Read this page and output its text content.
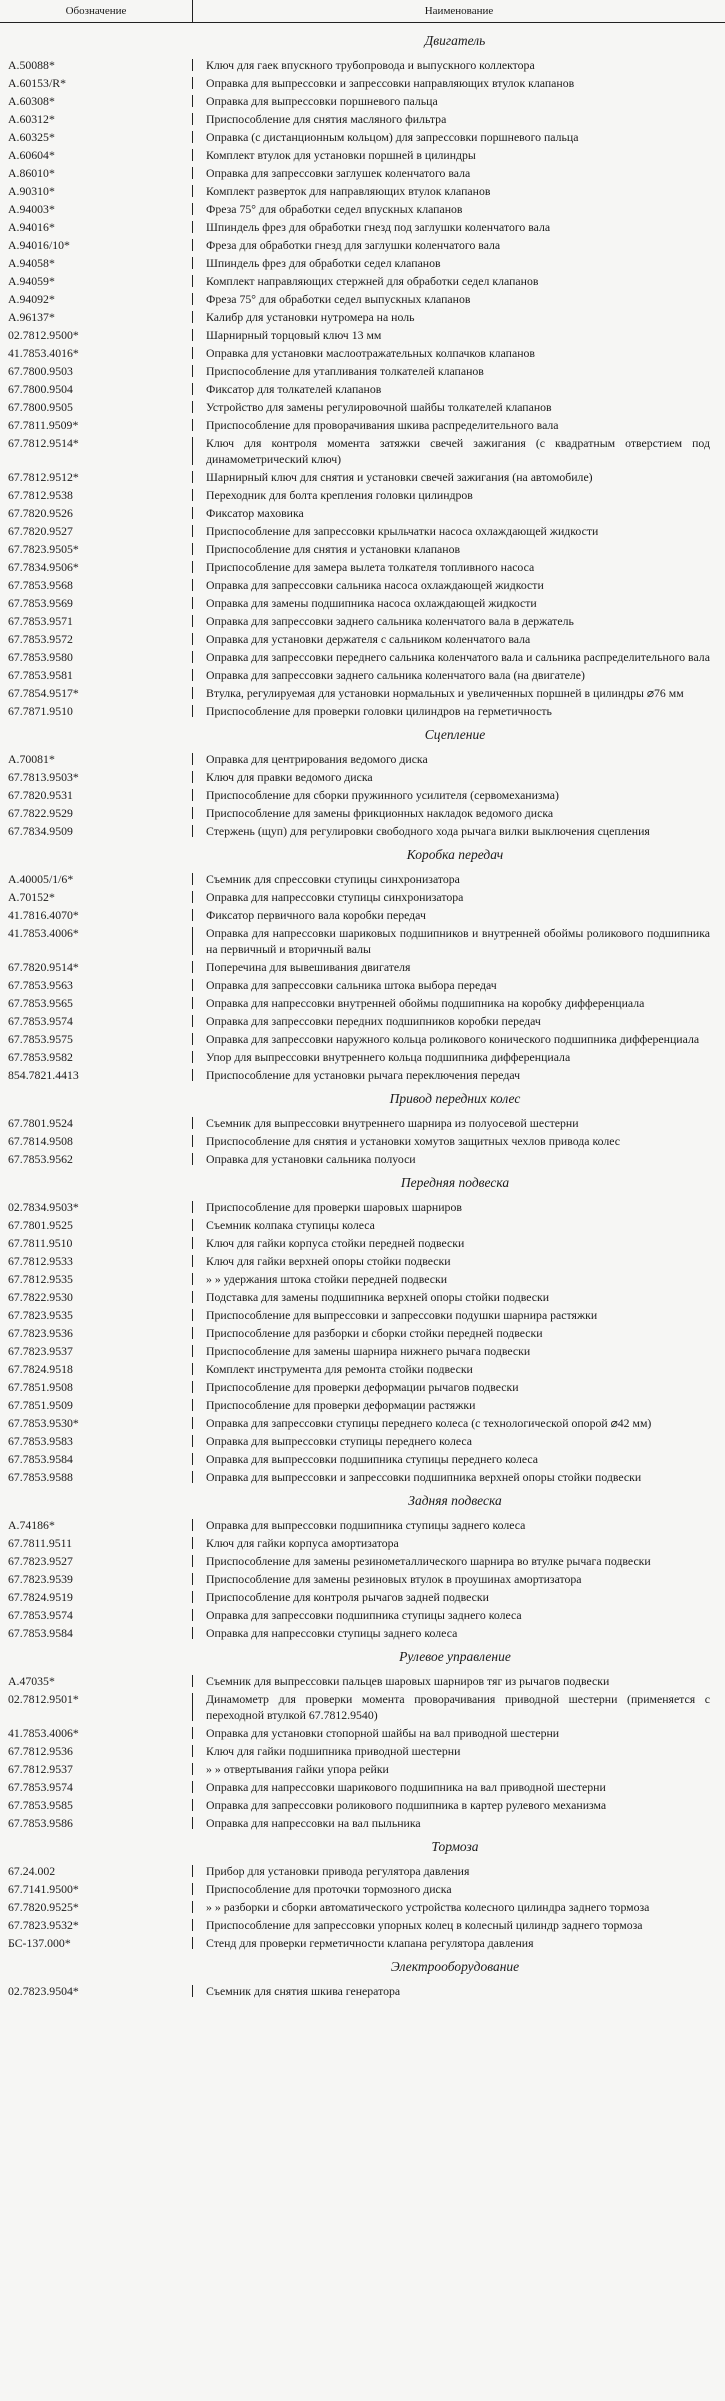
Обозначение	Наименование
Двигатель
А.50088*	Ключ для гаек впускного трубопровода и выпускного коллектора
А.60153/R*	Оправка для выпрессовки и запрессовки направляющих втулок клапанов
А.60308*	Оправка для выпрессовки поршневого пальца
А.60312*	Приспособление для снятия масляного фильтра
А.60325*	Оправка (с дистанционным кольцом) для запрессовки поршневого пальца
А.60604*	Комплект втулок для установки поршней в цилиндры
А.86010*	Оправка для запрессовки заглушек коленчатого вала
А.90310*	Комплект разверток для направляющих втулок клапанов
А.94003*	Фреза 75° для обработки седел впускных клапанов
А.94016*	Шпиндель фрез для обработки гнезд под заглушки коленчатого вала
А.94016/10*	Фреза для обработки гнезд для заглушки коленчатого вала
А.94058*	Шпиндель фрез для обработки седел клапанов
А.94059*	Комплект направляющих стержней для обработки седел клапанов
А.94092*	Фреза 75° для обработки седел выпускных клапанов
А.96137*	Калибр для установки нутромера на ноль
02.7812.9500*	Шарнирный торцовый ключ 13 мм
41.7853.4016*	Оправка для установки маслоотражательных колпачков клапанов
67.7800.9503	Приспособление для утапливания толкателей клапанов
67.7800.9504	Фиксатор для толкателей клапанов
67.7800.9505	Устройство для замены регулировочной шайбы толкателей клапанов
67.7811.9509*	Приспособление для проворачивания шкива распределительного вала
67.7812.9514*	Ключ для контроля момента затяжки свечей зажигания (с квадратным отверстием под динамометрический ключ)
67.7812.9512*	Шарнирный ключ для снятия и установки свечей зажигания (на автомобиле)
67.7812.9538	Переходник для болта крепления головки цилиндров
67.7820.9526	Фиксатор маховика
67.7820.9527	Приспособление для запрессовки крыльчатки насоса охлаждающей жидкости
67.7823.9505*	Приспособление для снятия и установки клапанов
67.7834.9506*	Приспособление для замера вылета толкателя топливного насоса
67.7853.9568	Оправка для запрессовки сальника насоса охлаждающей жидкости
67.7853.9569	Оправка для замены подшипника насоса охлаждающей жидкости
67.7853.9571	Оправка для запрессовки заднего сальника коленчатого вала в держатель
67.7853.9572	Оправка для установки держателя с сальником коленчатого вала
67.7853.9580	Оправка для запрессовки переднего сальника коленчатого вала и сальника распределительного вала
67.7853.9581	Оправка для запрессовки заднего сальника коленчатого вала (на двигателе)
67.7854.9517*	Втулка, регулируемая для установки нормальных и увеличенных поршней в цилиндры ⌀76 мм
67.7871.9510	Приспособление для проверки головки цилиндров на герметичность
Сцепление
А.70081*	Оправка для центрирования ведомого диска
67.7813.9503*	Ключ для правки ведомого диска
67.7820.9531	Приспособление для сборки пружинного усилителя (сервомеханизма)
67.7822.9529	Приспособление для замены фрикционных накладок ведомого диска
67.7834.9509	Стержень (щуп) для регулировки свободного хода рычага вилки выключения сцепления
Коробка передач
А.40005/1/6*	Съемник для спрессовки ступицы синхронизатора
А.70152*	Оправка для напрессовки ступицы синхронизатора
41.7816.4070*	Фиксатор первичного вала коробки передач
41.7853.4006*	Оправка для напрессовки шариковых подшипников и внутренней обоймы роликового подшипника на первичный и вторичный валы
67.7820.9514*	Поперечина для вывешивания двигателя
67.7853.9563	Оправка для запрессовки сальника штока выбора передач
67.7853.9565	Оправка для напрессовки внутренней обоймы подшипника на коробку дифференциала
67.7853.9574	Оправка для запрессовки передних подшипников коробки передач
67.7853.9575	Оправка для запрессовки наружного кольца роликового конического подшипника дифференциала
67.7853.9582	Упор для выпрессовки внутреннего кольца подшипника дифференциала
854.7821.4413	Приспособление для установки рычага переключения передач
Привод передних колес
67.7801.9524	Съемник для выпрессовки внутреннего шарнира из полуосевой шестерни
67.7814.9508	Приспособление для снятия и установки хомутов защитных чехлов привода колес
67.7853.9562	Оправка для установки сальника полуоси
Передняя подвеска
02.7834.9503*	Приспособление для проверки шаровых шарниров
67.7801.9525	Съемник колпака ступицы колеса
67.7811.9510	Ключ для гайки корпуса стойки передней подвески
67.7812.9533	Ключ для гайки верхней опоры стойки подвески
67.7812.9535	» » удержания штока стойки передней подвески
67.7822.9530	Подставка для замены подшипника верхней опоры стойки подвески
67.7823.9535	Приспособление для выпрессовки и запрессовки подушки шарнира растяжки
67.7823.9536	Приспособление для разборки и сборки стойки передней подвески
67.7823.9537	Приспособление для замены шарнира нижнего рычага подвески
67.7824.9518	Комплект инструмента для ремонта стойки подвески
67.7851.9508	Приспособление для проверки деформации рычагов подвески
67.7851.9509	Приспособление для проверки деформации растяжки
67.7853.9530*	Оправка для запрессовки ступицы переднего колеса (с технологической опорой ⌀42 мм)
67.7853.9583	Оправка для выпрессовки ступицы переднего колеса
67.7853.9584	Оправка для выпрессовки подшипника ступицы переднего колеса
67.7853.9588	Оправка для выпрессовки и запрессовки подшипника верхней опоры стойки подвески
Задняя подвеска
А.74186*	Оправка для выпрессовки подшипника ступицы заднего колеса
67.7811.9511	Ключ для гайки корпуса амортизатора
67.7823.9527	Приспособление для замены резинометаллического шарнира во втулке рычага подвески
67.7823.9539	Приспособление для замены резиновых втулок в проушинах амортизатора
67.7824.9519	Приспособление для контроля рычагов задней подвески
67.7853.9574	Оправка для запрессовки подшипника ступицы заднего колеса
67.7853.9584	Оправка для напрессовки ступицы заднего колеса
Рулевое управление
А.47035*	Съемник для выпрессовки пальцев шаровых шарниров тяг из рычагов подвески
02.7812.9501*	Динамометр для проверки момента проворачивания приводной шестерни (применяется с переходной втулкой 67.7812.9540)
41.7853.4006*	Оправка для установки стопорной шайбы на вал приводной шестерни
67.7812.9536	Ключ для гайки подшипника приводной шестерни
67.7812.9537	» » отвертывания гайки упора рейки
67.7853.9574	Оправка для напрессовки шарикового подшипника на вал приводной шестерни
67.7853.9585	Оправка для запрессовки роликового подшипника в картер рулевого механизма
67.7853.9586	Оправка для напрессовки на вал пыльника
Тормоза
67.24.002	Прибор для установки привода регулятора давления
67.7141.9500*	Приспособление для проточки тормозного диска
67.7820.9525*	» » разборки и сборки автоматического устройства колесного цилиндра заднего тормоза
67.7823.9532*	Приспособление для запрессовки упорных колец в колесный цилиндр заднего тормоза
БС-137.000*	Стенд для проверки герметичности клапана регулятора давления
Электрооборудование
02.7823.9504*	Съемник для снятия шкива генератора
